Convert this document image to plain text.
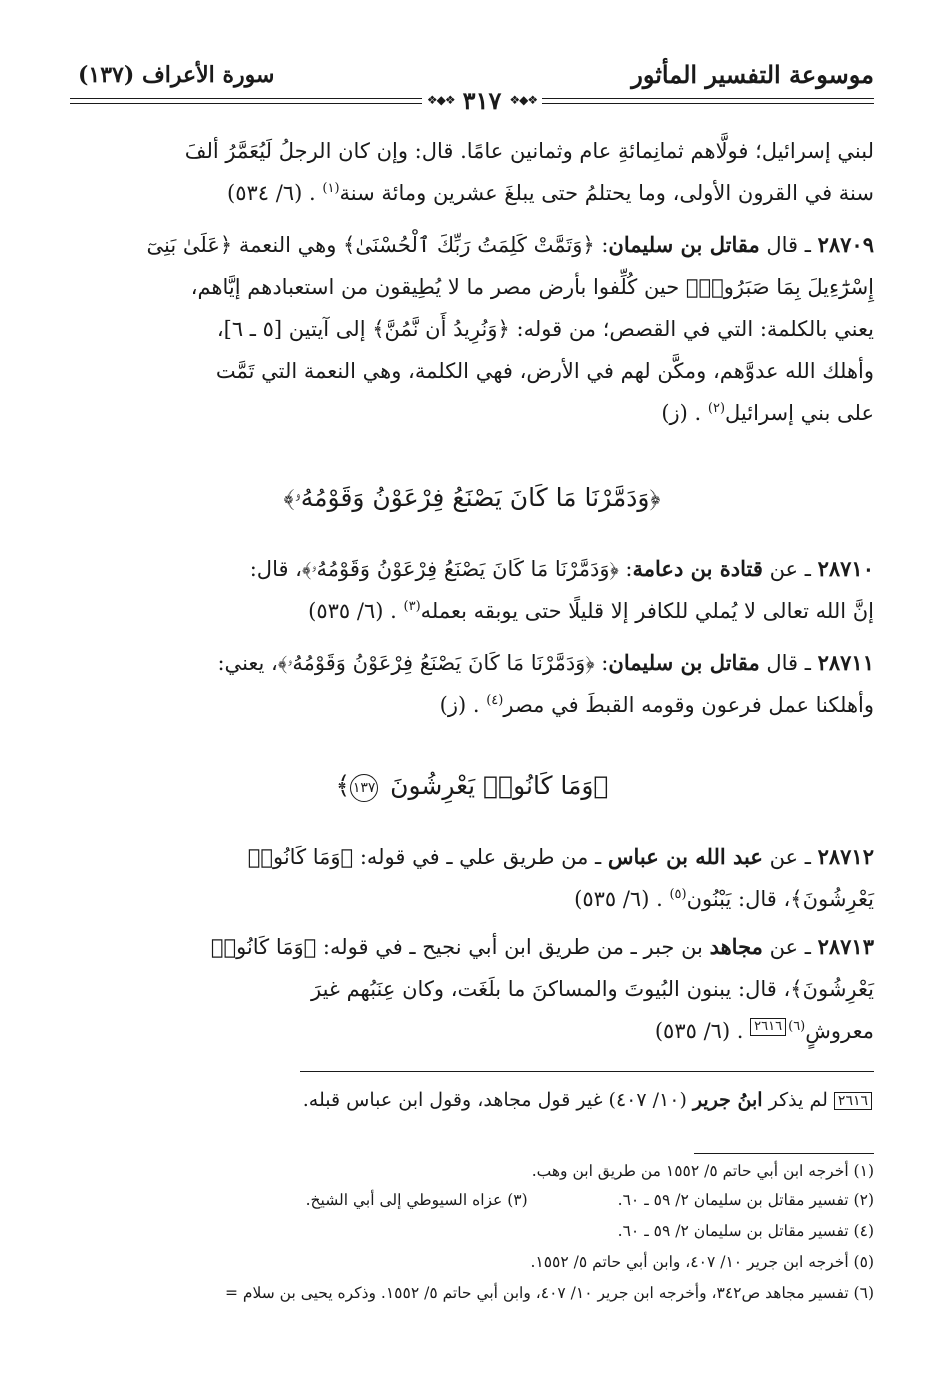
موسوعة التفسير المأثور
سورة الأعراف (١٣٧)
❖◆❖
٣١٧
❖◆❖
لبني إسرائيل؛ فولَّاهم ثمانِمائةِ عام وثمانين عامًا. قال: وإن كان الرجلُ لَيُعَمَّرُ ألفَ
سنة في القرون الأولى، وما يحتلمُ حتى يبلغَ عشرين ومائة سنة$^{(١)}$ . (٦/ ٥٣٤)
٢٨٧٠٩ ـ قال مقاتل بن سليمان: ﴿وَتَمَّتْ كَلِمَتُ رَبِّكَ ٱلْحُسْنَىٰ﴾ وهي النعمة ﴿عَلَىٰ بَنِىٓ
إِسْرَٰٓءِيلَ بِمَا صَبَرُوا۟﴾ حين كُلِّفوا بأرض مصر ما لا يُطِيقون من استعبادهم إيَّاهم،
يعني بالكلمة: التي في القصص؛ من قوله: ﴿وَنُرِيدُ أَن نَّمُنَّ﴾ إلى آيتين [٥ ـ ٦]،
وأهلك الله عدوَّهم، ومكَّن لهم في الأرض، فهي الكلمة، وهي النعمة التي تَمَّت
على بني إسرائيل$^{(٢)}$ . (ز)
﴿وَدَمَّرْنَا مَا كَانَ يَصْنَعُ فِرْعَوْنُ وَقَوْمُهُۥ﴾
٢٨٧١٠ ـ عن قتادة بن دعامة: ﴿وَدَمَّرْنَا مَا كَانَ يَصْنَعُ فِرْعَوْنُ وَقَوْمُهُۥ﴾، قال:
إنَّ الله تعالى لا يُملي للكافر إلا قليلًا حتى يوبقه بعمله$^{(٣)}$ . (٦/ ٥٣٥)
٢٨٧١١ ـ قال مقاتل بن سليمان: ﴿وَدَمَّرْنَا مَا كَانَ يَصْنَعُ فِرْعَوْنُ وَقَوْمُهُۥ﴾، يعني:
وأهلكنا عمل فرعون وقومه القبطَ في مصر$^{(٤)}$ . (ز)
﴿وَمَا كَانُوا۟ يَعْرِشُونَ ١٣٧﴾
٢٨٧١٢ ـ عن عبد الله بن عباس ـ من طريق علي ـ في قوله: ﴿وَمَا كَانُوا۟
يَعْرِشُونَ﴾، قال: يَبْنُون$^{(٥)}$ . (٦/ ٥٣٥)
٢٨٧١٣ ـ عن مجاهد بن جبر ـ من طريق ابن أبي نجيح ـ في قوله: ﴿وَمَا كَانُوا۟
يَعْرِشُونَ﴾، قال: يبنون البُيوتَ والمساكنَ ما بلَغَت، وكان عِنَبُهم غيرَ
معروشٍ$^{(٦)}$٢٦١٦ . (٦/ ٥٣٥)
٢٦١٦ لم يذكر ابنُ جرير (١٠/ ٤٠٧) غير قول مجاهد، وقول ابن عباس قبله.
(١) أخرجه ابن أبي حاتم ٥/ ١٥٥٢ من طريق ابن وهب.
(٢) تفسير مقاتل بن سليمان ٢/ ٥٩ ـ ٦٠.
(٣) عزاه السيوطي إلى أبي الشيخ.
(٤) تفسير مقاتل بن سليمان ٢/ ٥٩ ـ ٦٠.
(٥) أخرجه ابن جرير ١٠/ ٤٠٧، وابن أبي حاتم ٥/ ١٥٥٢.
(٦) تفسير مجاهد ص٣٤٢، وأخرجه ابن جرير ١٠/ ٤٠٧، وابن أبي حاتم ٥/ ١٥٥٢. وذكره يحيى بن سلام =
